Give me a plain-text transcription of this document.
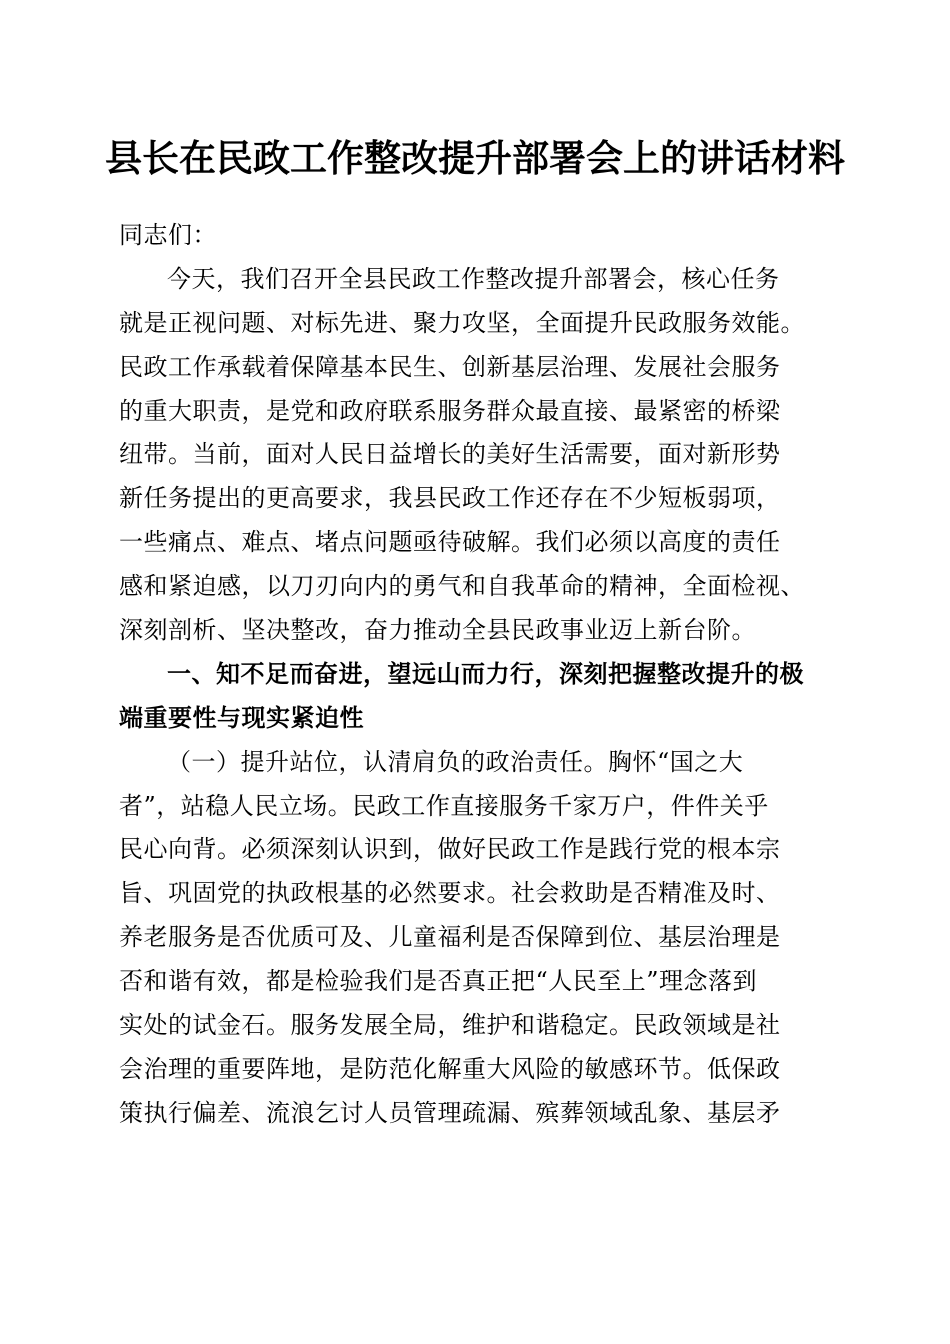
县长在民政工作整改提升部署会上的讲话材料
同志们：
今天，我们召开全县民政工作整改提升部署会，核心任务
就是正视问题、对标先进、聚力攻坚，全面提升民政服务效能。
民政工作承载着保障基本民生、创新基层治理、发展社会服务
的重大职责，是党和政府联系服务群众最直接、最紧密的桥梁
纽带。当前，面对人民日益增长的美好生活需要，面对新形势
新任务提出的更高要求，我县民政工作还存在不少短板弱项，
一些痛点、难点、堵点问题亟待破解。我们必须以高度的责任
感和紧迫感，以刀刃向内的勇气和自我革命的精神，全面检视、
深刻剖析、坚决整改，奋力推动全县民政事业迈上新台阶。
一、知不足而奋进，望远山而力行，深刻把握整改提升的极
端重要性与现实紧迫性
（一）提升站位，认清肩负的政治责任。胸怀“国之大
者”，站稳人民立场。民政工作直接服务千家万户，件件关乎
民心向背。必须深刻认识到，做好民政工作是践行党的根本宗
旨、巩固党的执政根基的必然要求。社会救助是否精准及时、
养老服务是否优质可及、儿童福利是否保障到位、基层治理是
否和谐有效，都是检验我们是否真正把“人民至上”理念落到
实处的试金石。服务发展全局，维护和谐稳定。民政领域是社
会治理的重要阵地，是防范化解重大风险的敏感环节。低保政
策执行偏差、流浪乞讨人员管理疏漏、殡葬领域乱象、基层矛
